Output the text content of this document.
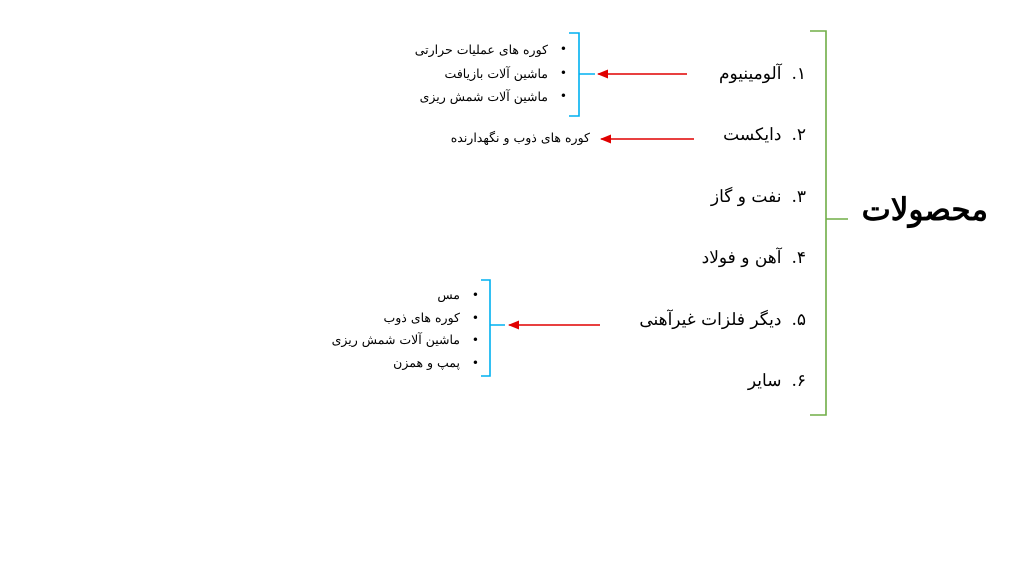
محصولات
۱.آلومینیوم
۲.دایکست
۳.نفت و گاز
۴.آهن و فولاد
۵.دیگر فلزات غیرآهنی
۶.سایر
• کوره های عملیات حرارتی
• ماشین آلات بازیافت
• ماشین آلات شمش ریزی
کوره های ذوب و نگهدارنده
• مس
• کوره های ذوب
• ماشین آلات شمش ریزی
• پمپ و همزن
